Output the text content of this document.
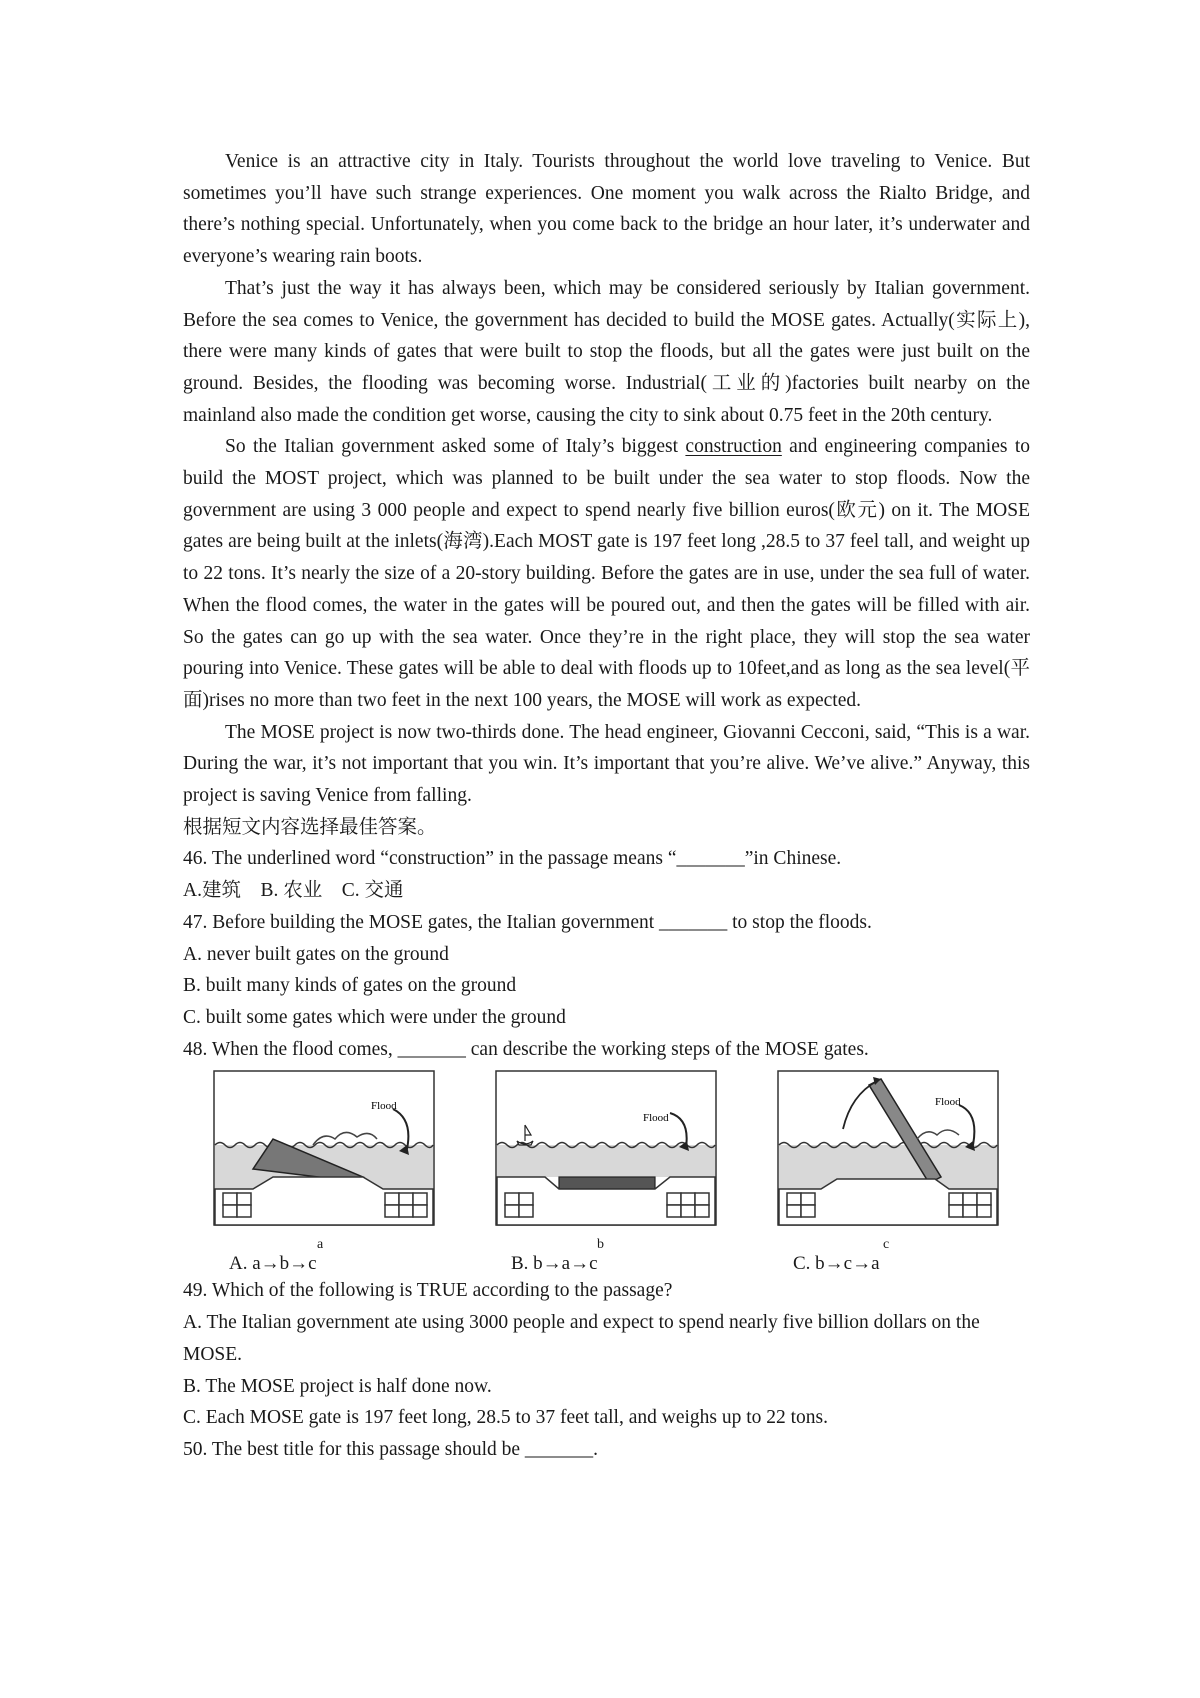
Venice is an attractive city in Italy. Tourists throughout the world love traveling to Venice. But sometimes you’ll have such strange experiences. One moment you walk across the Rialto Bridge, and there’s nothing special. Unfortunately, when you come back to the bridge an hour later, it’s underwater and everyone’s wearing rain boots.

That’s just the way it has always been, which may be considered seriously by Italian government. Before the sea comes to Venice, the government has decided to build the MOSE gates. Actually(实际上), there were many kinds of gates that were built to stop the floods, but all the gates were just built on the ground. Besides, the flooding was becoming worse. Industrial(工业的)factories built nearby on the mainland also made the condition get worse, causing the city to sink about 0.75 feet in the 20th century.

So the Italian government asked some of Italy’s biggest construction and engineering companies to build the MOST project, which was planned to be built under the sea water to stop floods. Now the government are using 3 000 people and expect to spend nearly five billion euros(欧元) on it. The MOSE gates are being built at the inlets(海湾).Each MOST gate is 197 feet long ,28.5 to 37 feel tall, and weight up to 22 tons. It’s nearly the size of a 20-story building. Before the gates are in use, under the sea full of water. When the flood comes, the water in the gates will be poured out, and then the gates will be filled with air. So the gates can go up with the sea water. Once they’re in the right place, they will stop the sea water pouring into Venice. These gates will be able to deal with floods up to 10feet,and as long as the sea level(平面)rises no more than two feet in the next 100 years, the MOSE will work as expected.

The MOSE project is now two-thirds done. The head engineer, Giovanni Cecconi, said, “This is a war. During the war, it’s not important that you win. It’s important that you’re alive. We’ve alive.” Anyway, this project is saving Venice from falling.

根据短文内容选择最佳答案。

46. The underlined word “construction” in the passage means “_______”in Chinese.

A.建筑　B. 农业　C. 交通

47. Before building the MOSE gates, the Italian government _______ to stop the floods.

A. never built gates on the ground

B. built many kinds of gates on the ground

C. built some gates which were under the ground

48. When the flood comes, _______ can describe the working steps of the MOSE gates.

Flood
a
A. a→b→c
Flood
b
B. b→a→c
Flood
c
C. b→c→a

49. Which of the following is TRUE according to the passage?

A. The Italian government ate using 3000 people and expect to spend nearly five billion dollars on the MOSE.

B. The MOSE project is half done now.

C. Each MOSE gate is 197 feet long, 28.5 to 37 feet tall, and weighs up to 22 tons.

50. The best title for this passage should be _______.
